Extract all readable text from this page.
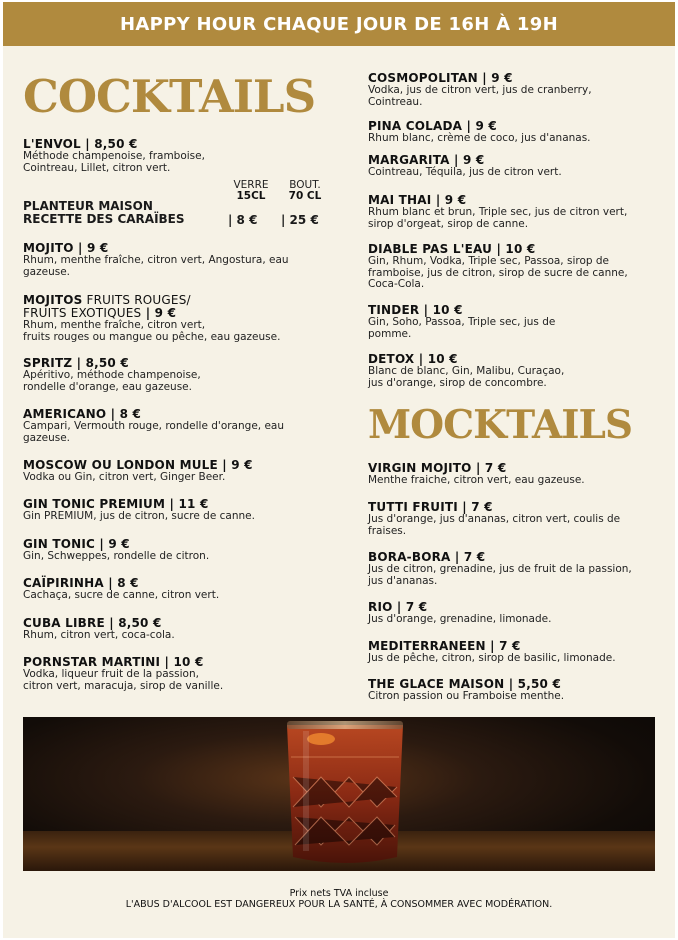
HAPPY HOUR CHAQUE JOUR DE 16H À 19H
COCKTAILS
L'ENVOL | 8,50 €
Méthode champenoise, framboise,
Cointreau, Lillet, citron vert.
VERRE
15CL
BOUT.
70 CL
PLANTEUR MAISON
RECETTE DES CARAÏBES	| 8 € | 25 €
MOJITO | 9 €
Rhum, menthe fraîche, citron vert, Angostura, eau
gazeuse.
MOJITOS FRUITS ROUGES/
FRUITS EXOTIQUES | 9 €
Rhum, menthe fraîche, citron vert,
fruits rouges ou mangue ou pêche, eau gazeuse.
SPRITZ | 8,50 €
Apéritivo, méthode champenoise,
rondelle d'orange, eau gazeuse.
AMERICANO | 8 €
Campari, Vermouth rouge, rondelle d'orange, eau
gazeuse.
MOSCOW OU LONDON MULE | 9 €
Vodka ou Gin, citron vert, Ginger Beer.
GIN TONIC PREMIUM | 11 €
Gin PREMIUM, jus de citron, sucre de canne.
GIN TONIC | 9 €
Gin, Schweppes, rondelle de citron.
CAÏPIRINHA | 8 €
Cachaça, sucre de canne, citron vert.
CUBA LIBRE | 8,50 €
Rhum, citron vert, coca-cola.
PORNSTAR MARTINI | 10 €
Vodka, liqueur fruit de la passion,
citron vert, maracuja, sirop de vanille.
COSMOPOLITAN | 9 €
Vodka, jus de citron vert, jus de cranberry,
Cointreau.
PINA COLADA | 9 €
Rhum blanc, crème de coco, jus d'ananas.
MARGARITA | 9 €
Cointreau, Téquila, jus de citron vert.
MAI THAI | 9 €
Rhum blanc et brun, Triple sec, jus de citron vert,
sirop d'orgeat, sirop de canne.
DIABLE PAS L'EAU | 10 €
Gin, Rhum, Vodka, Triple sec, Passoa, sirop de
framboise, jus de citron, sirop de sucre de canne,
Coca-Cola.
TINDER | 10 €
Gin, Soho, Passoa, Triple sec, jus de
pomme.
DETOX | 10 €
Blanc de blanc, Gin, Malibu, Curaçao,
jus d'orange, sirop de concombre.
MOCKTAILS
VIRGIN MOJITO | 7 €
Menthe fraiche, citron vert, eau gazeuse.
TUTTI FRUITI | 7 €
Jus d'orange, jus d'ananas, citron vert, coulis de
fraises.
BORA-BORA | 7 €
Jus de citron, grenadine, jus de fruit de la passion,
jus d'ananas.
RIO | 7 €
Jus d'orange, grenadine, limonade.
MEDITERRANEEN | 7 €
Jus de pêche, citron, sirop de basilic, limonade.
THE GLACE MAISON | 5,50 €
Citron passion ou Framboise menthe.
Prix nets TVA incluse
L'ABUS D'ALCOOL EST DANGEREUX POUR LA SANTÉ, À CONSOMMER AVEC MODÉRATION.
